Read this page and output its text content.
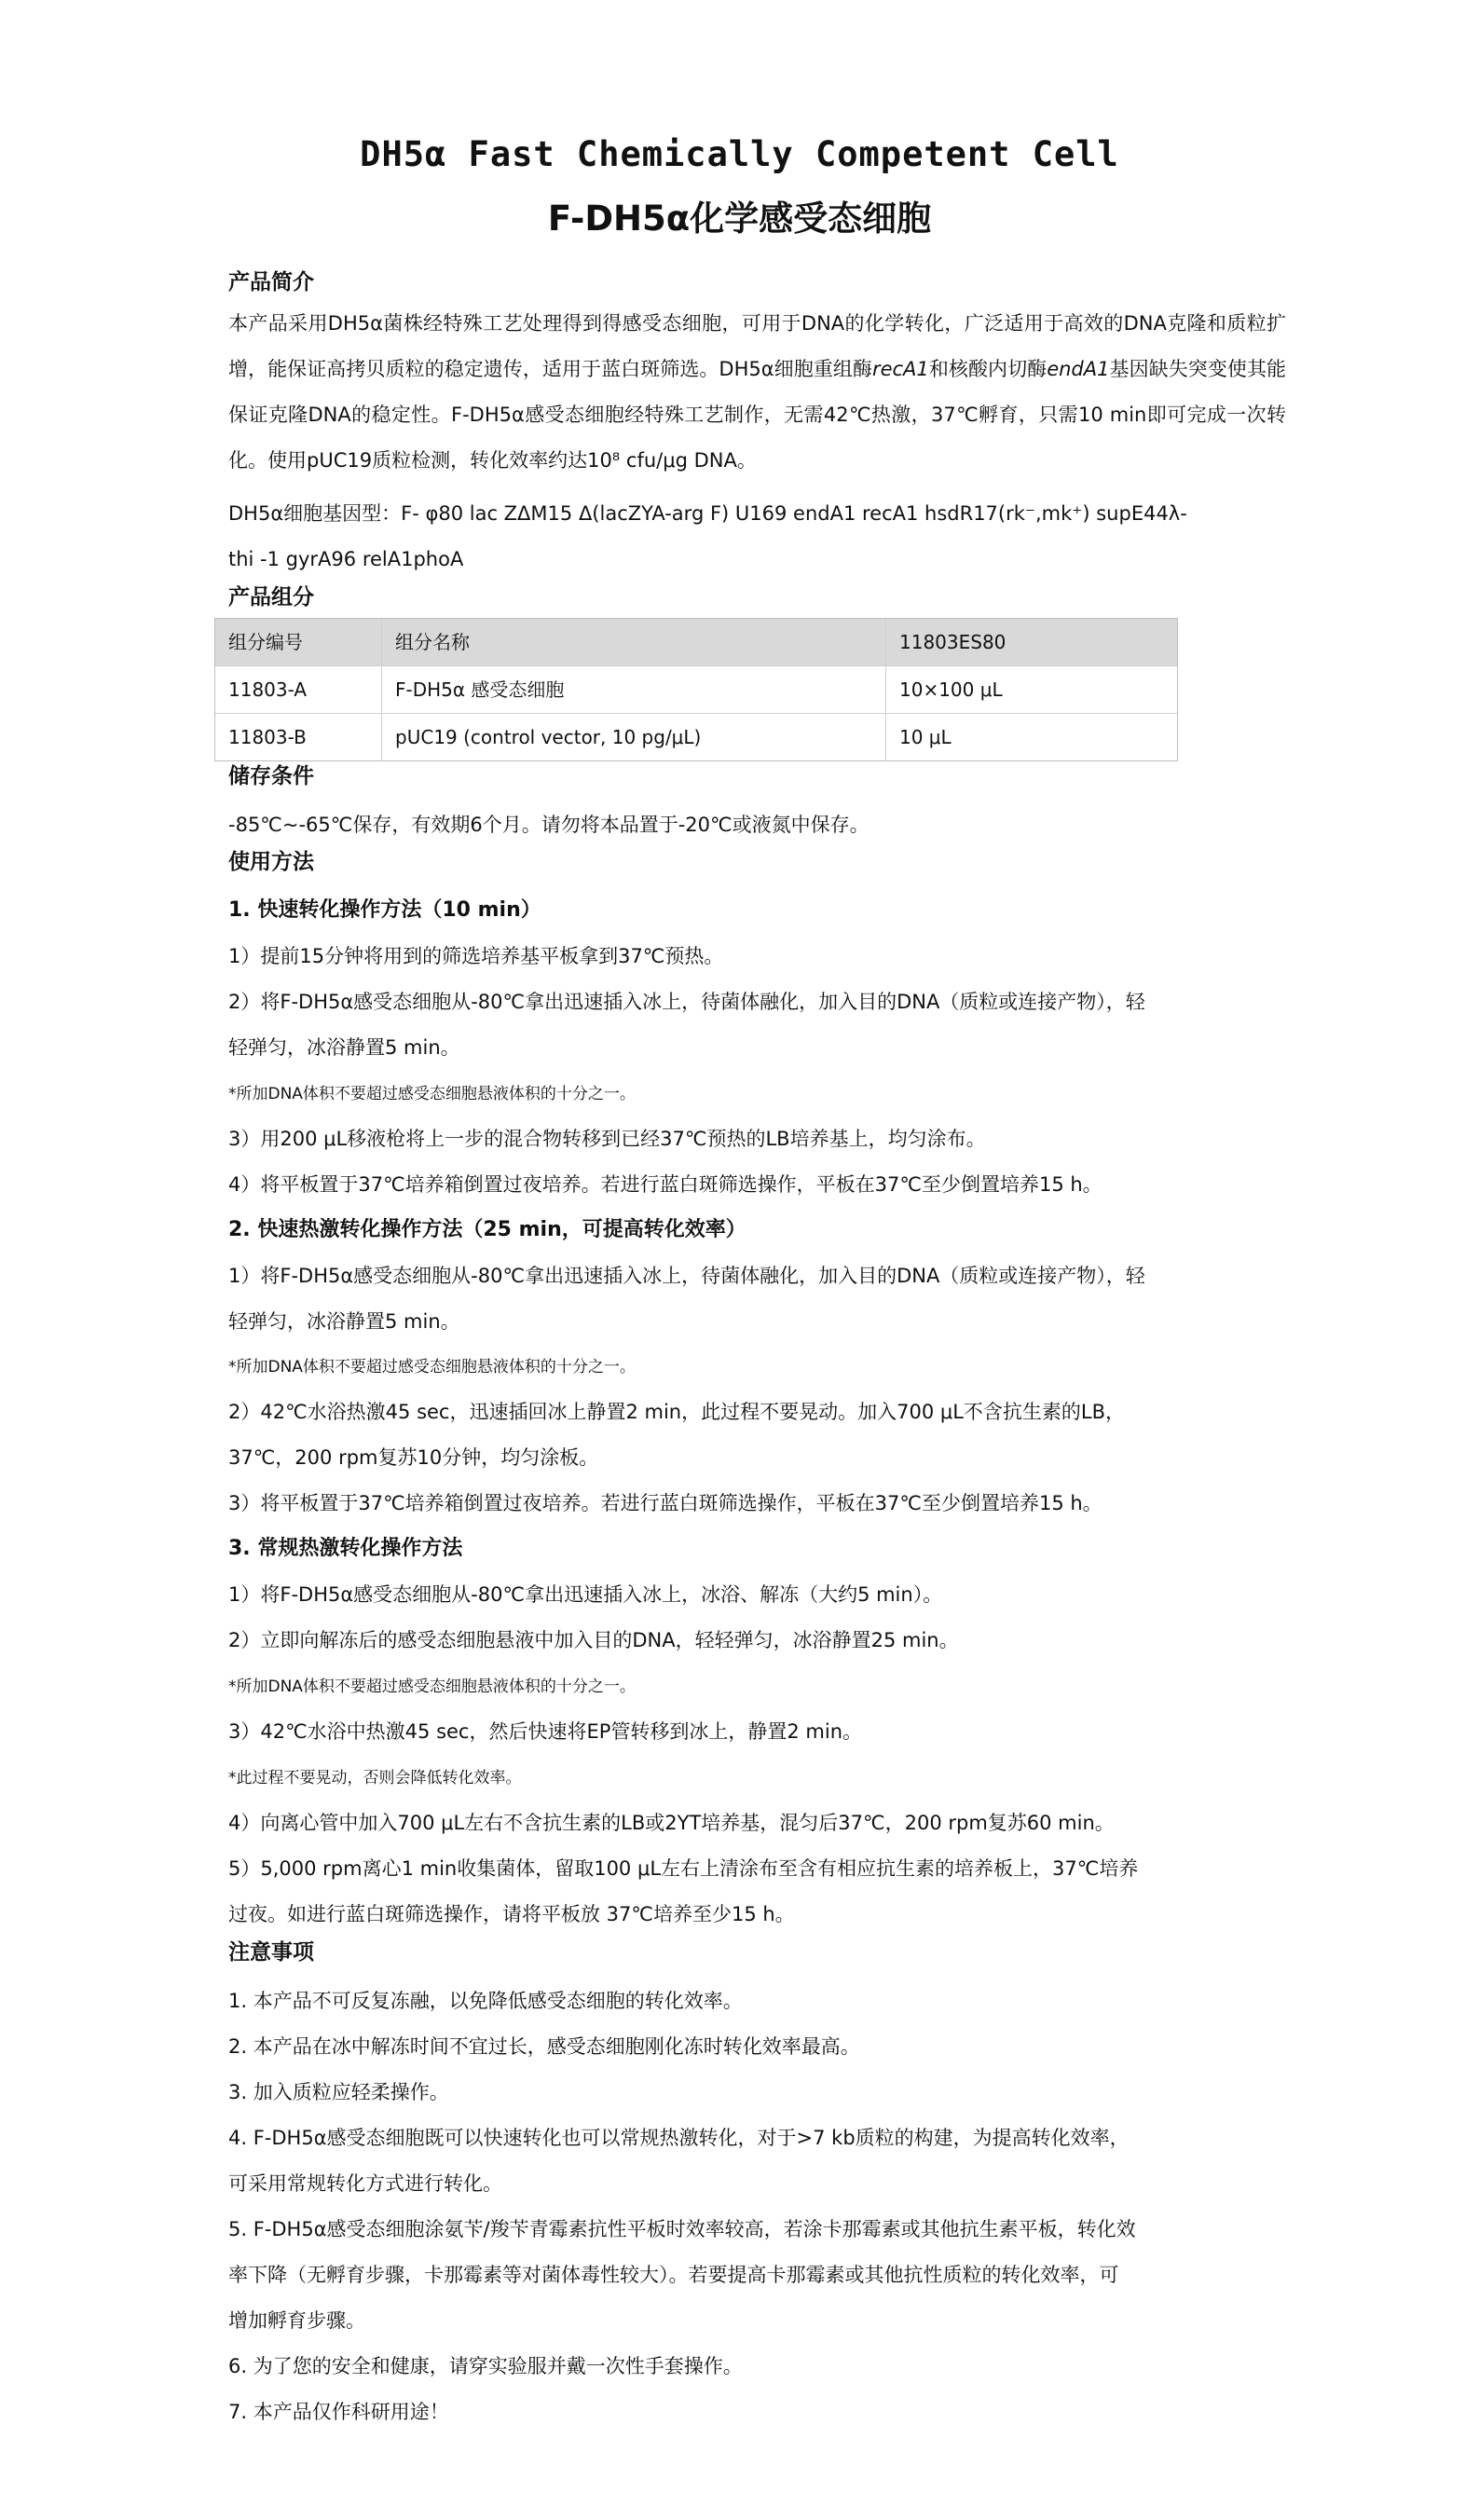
DH5α Fast Chemically Competent Cell
F-DH5α化学感受态细胞
产品简介
本产品采用DH5α菌株经特殊工艺处理得到得感受态细胞，可用于DNA的化学转化，广泛适用于高效的DNA克隆和质粒扩增，能保证高拷贝质粒的稳定遗传，适用于蓝白斑筛选。DH5α细胞重组酶recA1和核酸内切酶endA1基因缺失突变使其能保证克隆DNA的稳定性。F-DH5α感受态细胞经特殊工艺制作，无需42℃热激，37℃孵育，只需10 min即可完成一次转化。使用pUC19质粒检测，转化效率约达10⁸ cfu/μg DNA。
DH5α细胞基因型：F- φ80 lac ZΔM15 Δ(lacZYA-arg F) U169 endA1 recA1 hsdR17(rk⁻,mk⁺) supE44λ-
thi -1 gyrA96 relA1phoA
产品组分
组分编号	组分名称	11803ES80
11803-A	F-DH5α 感受态细胞	10×100 μL
11803-B	pUC19 (control vector, 10 pg/μL)	10 μL
储存条件
-85℃~-65℃保存，有效期6个月。请勿将本品置于-20℃或液氮中保存。
使用方法
1. 快速转化操作方法（10 min）
1）提前15分钟将用到的筛选培养基平板拿到37℃预热。
2）将F-DH5α感受态细胞从-80℃拿出迅速插入冰上，待菌体融化，加入目的DNA（质粒或连接产物），轻
轻弹匀，冰浴静置5 min。
*所加DNA体积不要超过感受态细胞悬液体积的十分之一。
3）用200 μL移液枪将上一步的混合物转移到已经37℃预热的LB培养基上，均匀涂布。
4）将平板置于37℃培养箱倒置过夜培养。若进行蓝白斑筛选操作，平板在37℃至少倒置培养15 h。
2. 快速热激转化操作方法（25 min，可提高转化效率）
1）将F-DH5α感受态细胞从-80℃拿出迅速插入冰上，待菌体融化，加入目的DNA（质粒或连接产物），轻
轻弹匀，冰浴静置5 min。
*所加DNA体积不要超过感受态细胞悬液体积的十分之一。
2）42℃水浴热激45 sec，迅速插回冰上静置2 min，此过程不要晃动。加入700 μL不含抗生素的LB，
37℃，200 rpm复苏10分钟，均匀涂板。
3）将平板置于37℃培养箱倒置过夜培养。若进行蓝白斑筛选操作，平板在37℃至少倒置培养15 h。
3. 常规热激转化操作方法
1）将F-DH5α感受态细胞从-80℃拿出迅速插入冰上，冰浴、解冻（大约5 min）。
2）立即向解冻后的感受态细胞悬液中加入目的DNA，轻轻弹匀，冰浴静置25 min。
*所加DNA体积不要超过感受态细胞悬液体积的十分之一。
3）42℃水浴中热激45 sec，然后快速将EP管转移到冰上，静置2 min。
*此过程不要晃动，否则会降低转化效率。
4）向离心管中加入700 μL左右不含抗生素的LB或2YT培养基，混匀后37℃，200 rpm复苏60 min。
5）5,000 rpm离心1 min收集菌体，留取100 μL左右上清涂布至含有相应抗生素的培养板上，37℃培养
过夜。如进行蓝白斑筛选操作，请将平板放 37℃培养至少15 h。
注意事项
1. 本产品不可反复冻融，以免降低感受态细胞的转化效率。
2. 本产品在冰中解冻时间不宜过长，感受态细胞刚化冻时转化效率最高。
3. 加入质粒应轻柔操作。
4. F-DH5α感受态细胞既可以快速转化也可以常规热激转化，对于>7 kb质粒的构建，为提高转化效率，
可采用常规转化方式进行转化。
5. F-DH5α感受态细胞涂氨苄/羧苄青霉素抗性平板时效率较高，若涂卡那霉素或其他抗生素平板，转化效
率下降（无孵育步骤，卡那霉素等对菌体毒性较大）。若要提高卡那霉素或其他抗性质粒的转化效率，可
增加孵育步骤。
6. 为了您的安全和健康，请穿实验服并戴一次性手套操作。
7. 本产品仅作科研用途！
